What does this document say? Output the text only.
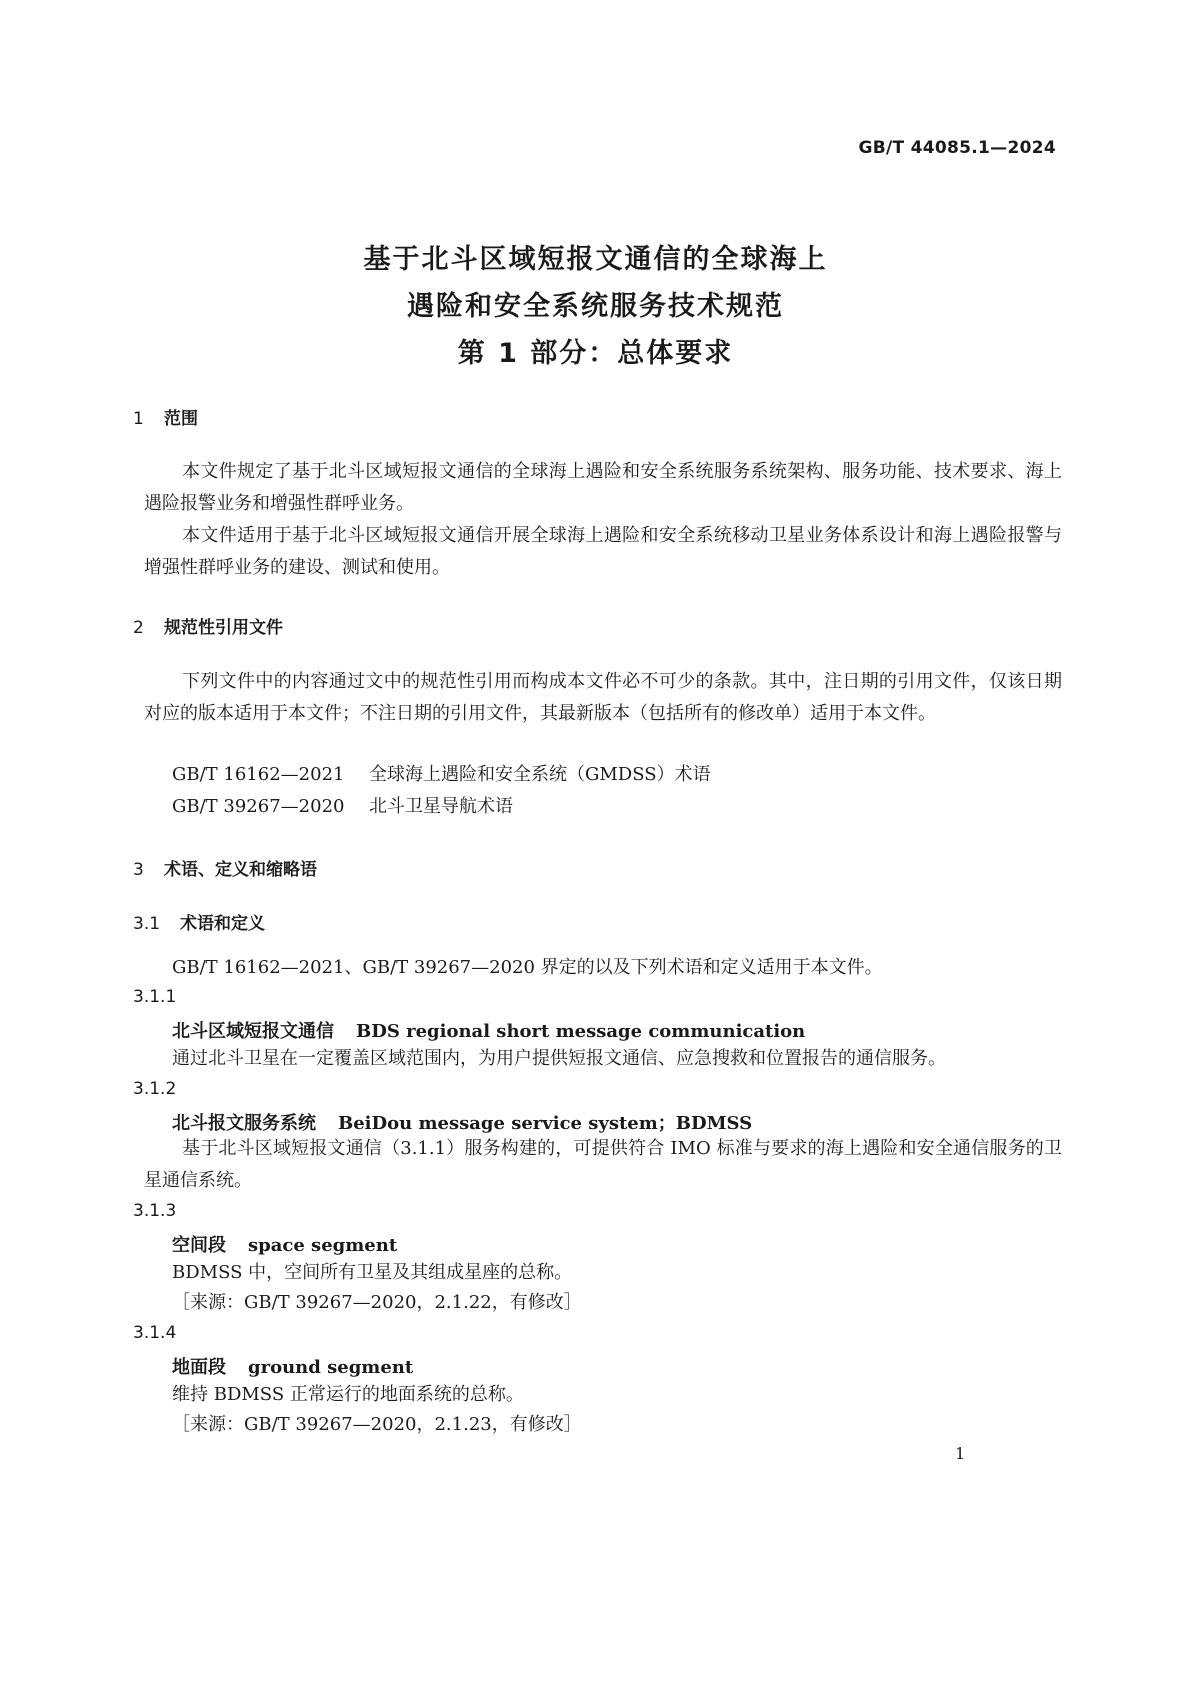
GB/T 44085.1—2024
基于北斗区域短报文通信的全球海上
遇险和安全系统服务技术规范
第 1 部分：总体要求
1 范围
本文件规定了基于北斗区域短报文通信的全球海上遇险和安全系统服务系统架构、服务功能、技术要求、海上遇险报警业务和增强性群呼业务。
本文件适用于基于北斗区域短报文通信开展全球海上遇险和安全系统移动卫星业务体系设计和海上遇险报警与增强性群呼业务的建设、测试和使用。
2 规范性引用文件
下列文件中的内容通过文中的规范性引用而构成本文件必不可少的条款。其中，注日期的引用文件，仅该日期对应的版本适用于本文件；不注日期的引用文件，其最新版本（包括所有的修改单）适用于本文件。
GB/T 16162—2021 全球海上遇险和安全系统（GMDSS）术语
GB/T 39267—2020 北斗卫星导航术语
3 术语、定义和缩略语
3.1 术语和定义
GB/T 16162—2021、GB/T 39267—2020 界定的以及下列术语和定义适用于本文件。
3.1.1
北斗区域短报文通信 BDS regional short message communication
通过北斗卫星在一定覆盖区域范围内，为用户提供短报文通信、应急搜救和位置报告的通信服务。
3.1.2
北斗报文服务系统 BeiDou message service system；BDMSS
基于北斗区域短报文通信（3.1.1）服务构建的，可提供符合 IMO 标准与要求的海上遇险和安全通信服务的卫星通信系统。
3.1.3
空间段 space segment
BDMSS 中，空间所有卫星及其组成星座的总称。
［来源：GB/T 39267—2020，2.1.22，有修改］
3.1.4
地面段 ground segment
维持 BDMSS 正常运行的地面系统的总称。
［来源：GB/T 39267—2020，2.1.23，有修改］
1
